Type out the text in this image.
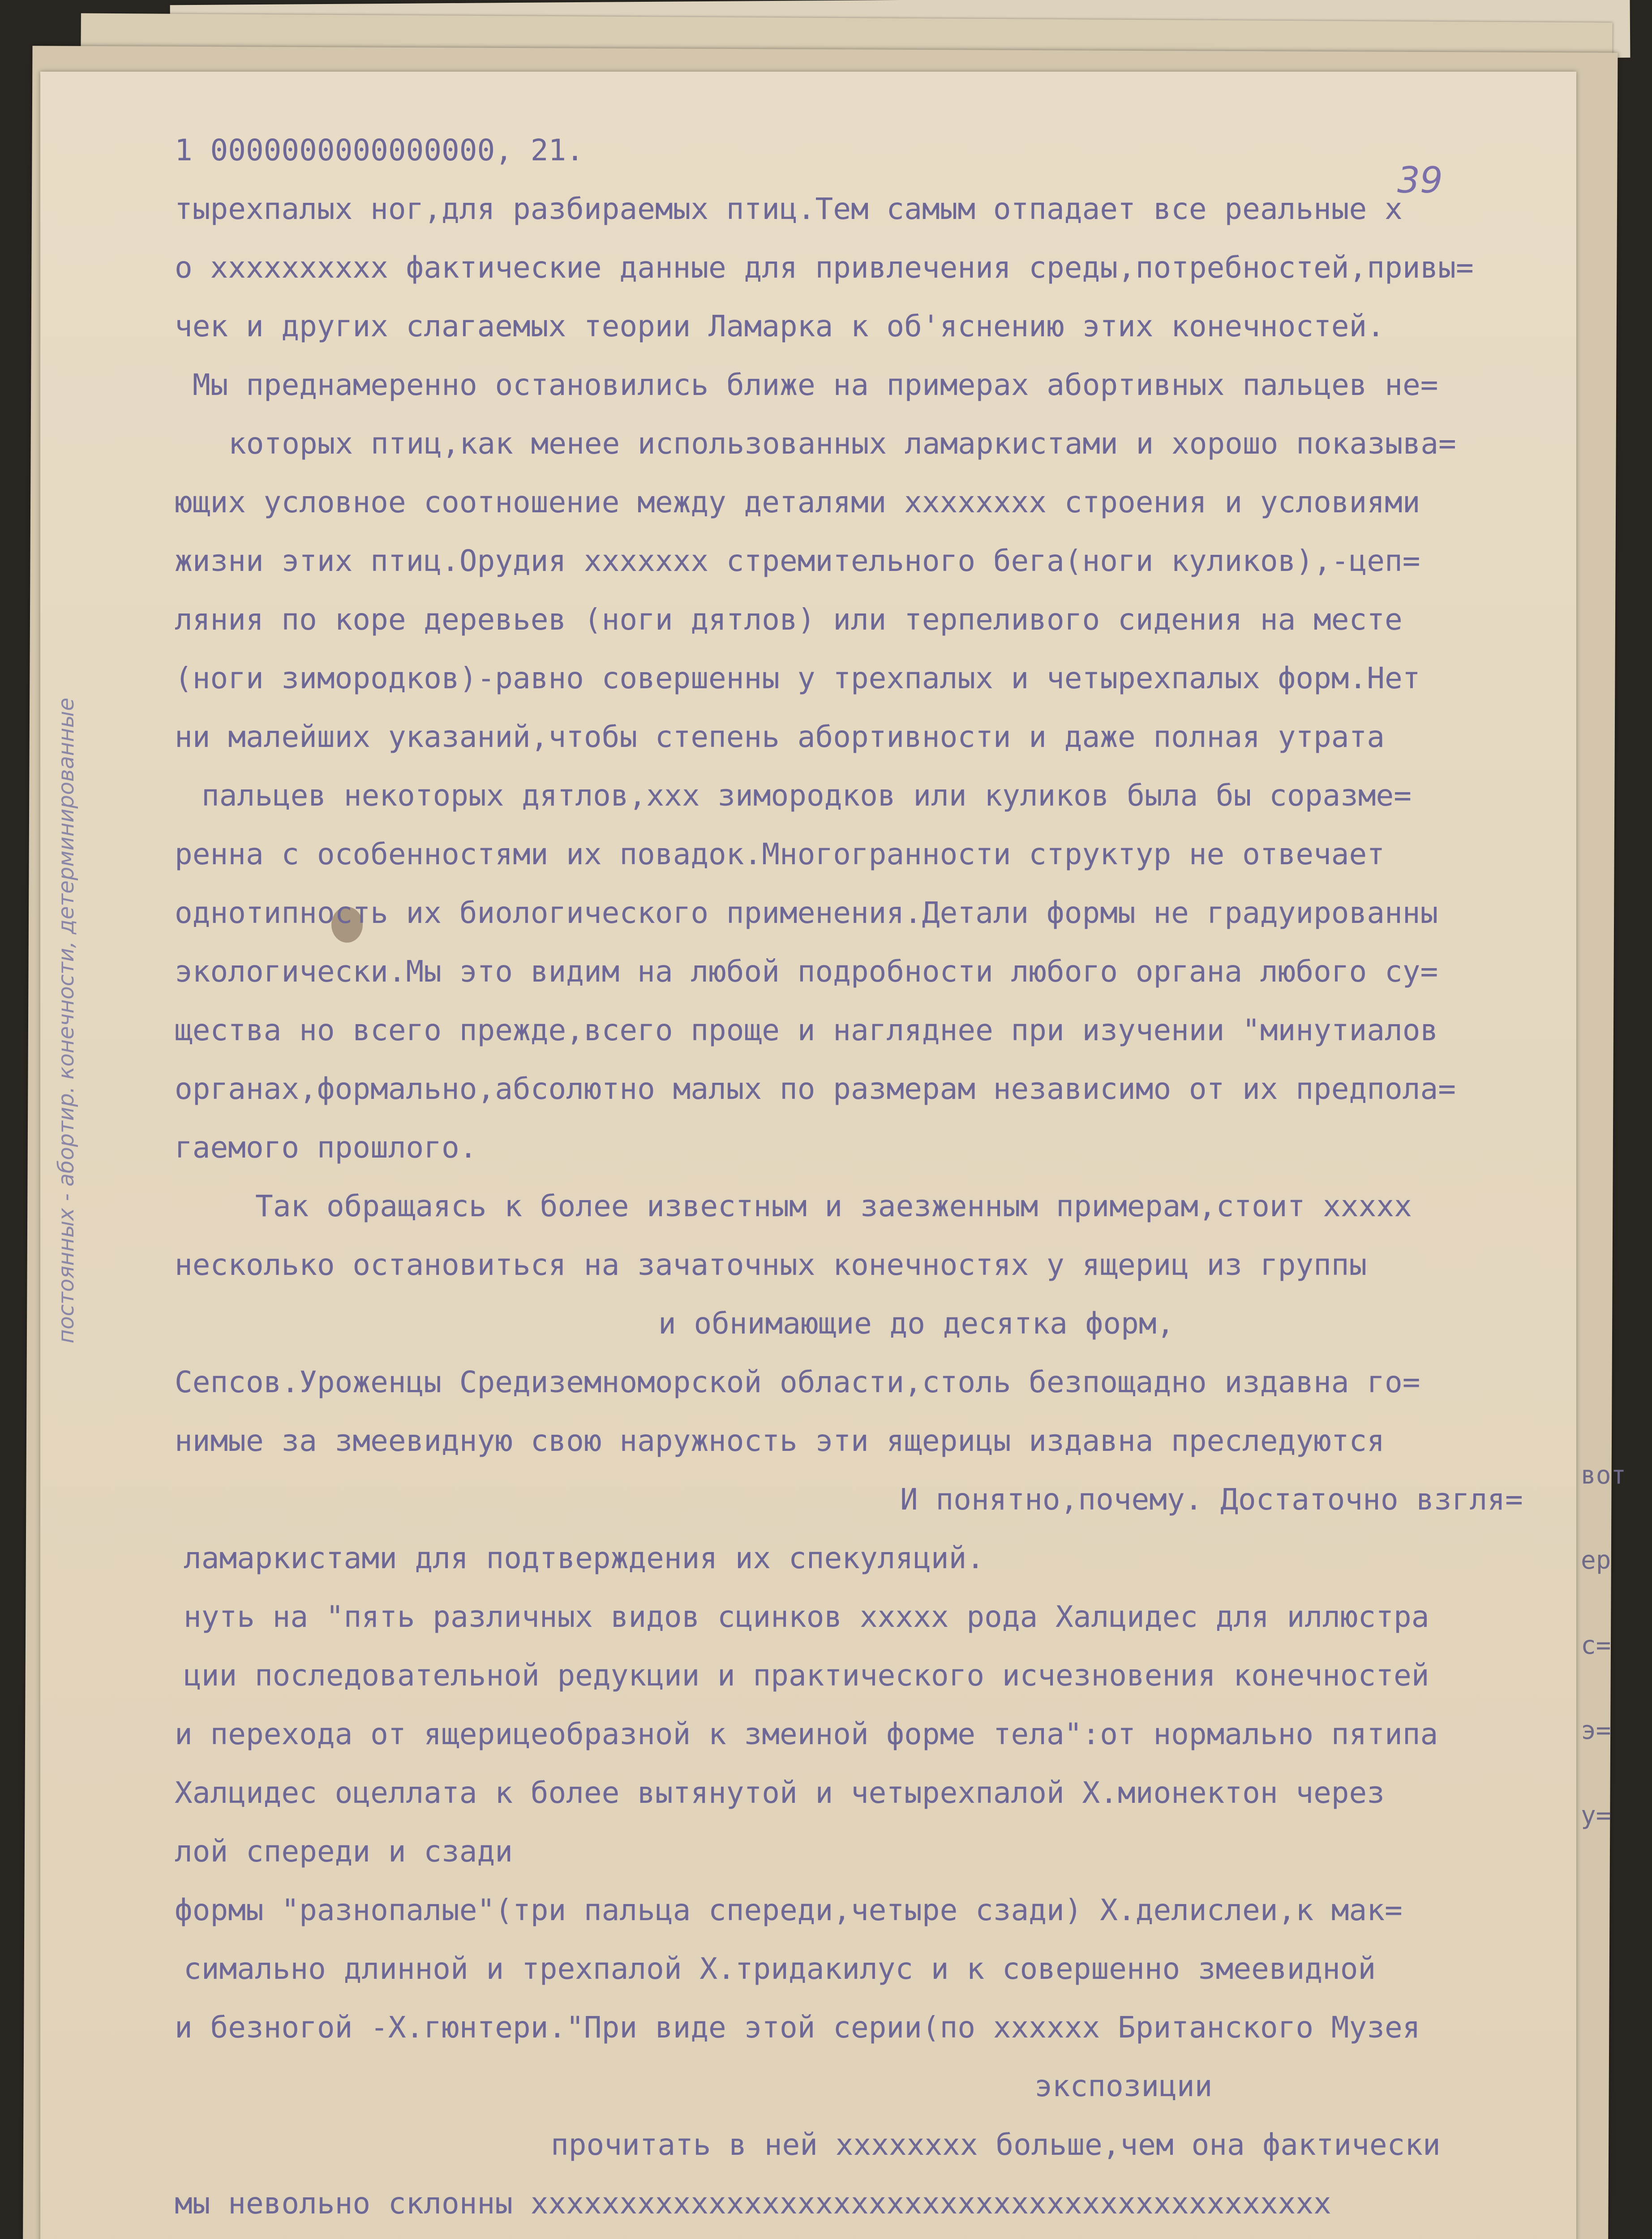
39
постоянных - абортир. конечности, детерминированные
1 0000000000000000, 21.
тырехпалых ног,для разбираемых птиц.Тем самым отпадает все реальные х
о xxxxxxxxxx фактические данные для привлечения среды,потребностей,привы=
чек и других слагаемых теории Ламарка к об'яснению этих конечностей.
Мы преднамеренно остановились ближе на примерах абортивных пальцев не=
которых птиц,как менее использованных ламаркистами и хорошо показыва=
ющих условное соотношение между деталями xxxxxxxx строения и условиями
жизни этих птиц.Орудия xxxxxxx стремительного бега(ноги куликов),-цеп=
ляния по коре деревьев (ноги дятлов) или терпеливого сидения на месте
(ноги зимородков)-равно совершенны у трехпалых и четырехпалых форм.Нет
ни малейших указаний,чтобы степень абортивности и даже полная утрата
пальцев некоторых дятлов,xxx зимородков или куликов была бы соразме=
ренна с особенностями их повадок.Многогранности структур не отвечает
однотипность их биологического применения.Детали формы не градуированны
экологически.Мы это видим на любой подробности любого органа любого су=
щества но всего прежде,всего проще и нагляднее при изучении "минутиалов
органах,формально,абсолютно малых по размерам независимо от их предпола=
гаемого прошлого.
Так обращаясь к более известным и заезженным примерам,стоит xxxxx
несколько остановиться на зачаточных конечностях у ящериц из группы
и обнимающие до десятка форм,
Сепсов.Уроженцы Средиземноморской области,столь безпощадно издавна го=
нимые за змеевидную свою наружность эти ящерицы издавна преследуются
И понятно,почему. Достаточно взгля=
ламаркистами для подтверждения их спекуляций.
нуть на "пять различных видов сцинков xxxxx рода Халцидес для иллюстра
ции последовательной редукции и практического исчезновения конечностей
и перехода от ящерицеобразной к змеиной форме тела":от нормально пятипа
Халцидес оцеллата к более вытянутой и четырехпалой Х.мионектон через
лой спереди и сзади
формы "разнопалые"(три пальца спереди,четыре сзади) Х.делислеи,к мак=
симально длинной и трехпалой Х.тридакилус и к совершенно змеевидной
и безногой -Х.гюнтери."При виде этой серии(по xxxxxx Британского Музея
экспозиции
прочитать в ней xxxxxxxx больше,чем она фактически
мы невольно склонны xxxxxxxxxxxxxxxxxxxxxxxxxxxxxxxxxxxxxxxxxxxxx
вот
ер
с=
э=
у=
